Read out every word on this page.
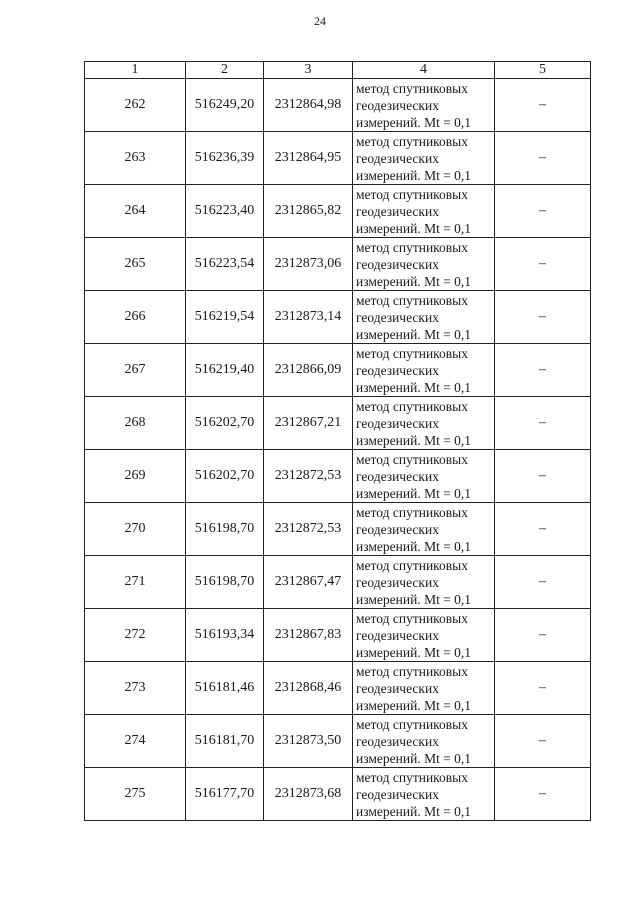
24
1	2	3	4	5
262	516249,20	2312864,98	метод спутниковых
геодезических
измерений. Mt = 0,1	–
263	516236,39	2312864,95	метод спутниковых
геодезических
измерений. Mt = 0,1	–
264	516223,40	2312865,82	метод спутниковых
геодезических
измерений. Mt = 0,1	–
265	516223,54	2312873,06	метод спутниковых
геодезических
измерений. Mt = 0,1	–
266	516219,54	2312873,14	метод спутниковых
геодезических
измерений. Mt = 0,1	–
267	516219,40	2312866,09	метод спутниковых
геодезических
измерений. Mt = 0,1	–
268	516202,70	2312867,21	метод спутниковых
геодезических
измерений. Mt = 0,1	–
269	516202,70	2312872,53	метод спутниковых
геодезических
измерений. Mt = 0,1	–
270	516198,70	2312872,53	метод спутниковых
геодезических
измерений. Mt = 0,1	–
271	516198,70	2312867,47	метод спутниковых
геодезических
измерений. Mt = 0,1	–
272	516193,34	2312867,83	метод спутниковых
геодезических
измерений. Mt = 0,1	–
273	516181,46	2312868,46	метод спутниковых
геодезических
измерений. Mt = 0,1	–
274	516181,70	2312873,50	метод спутниковых
геодезических
измерений. Mt = 0,1	–
275	516177,70	2312873,68	метод спутниковых
геодезических
измерений. Mt = 0,1	–
